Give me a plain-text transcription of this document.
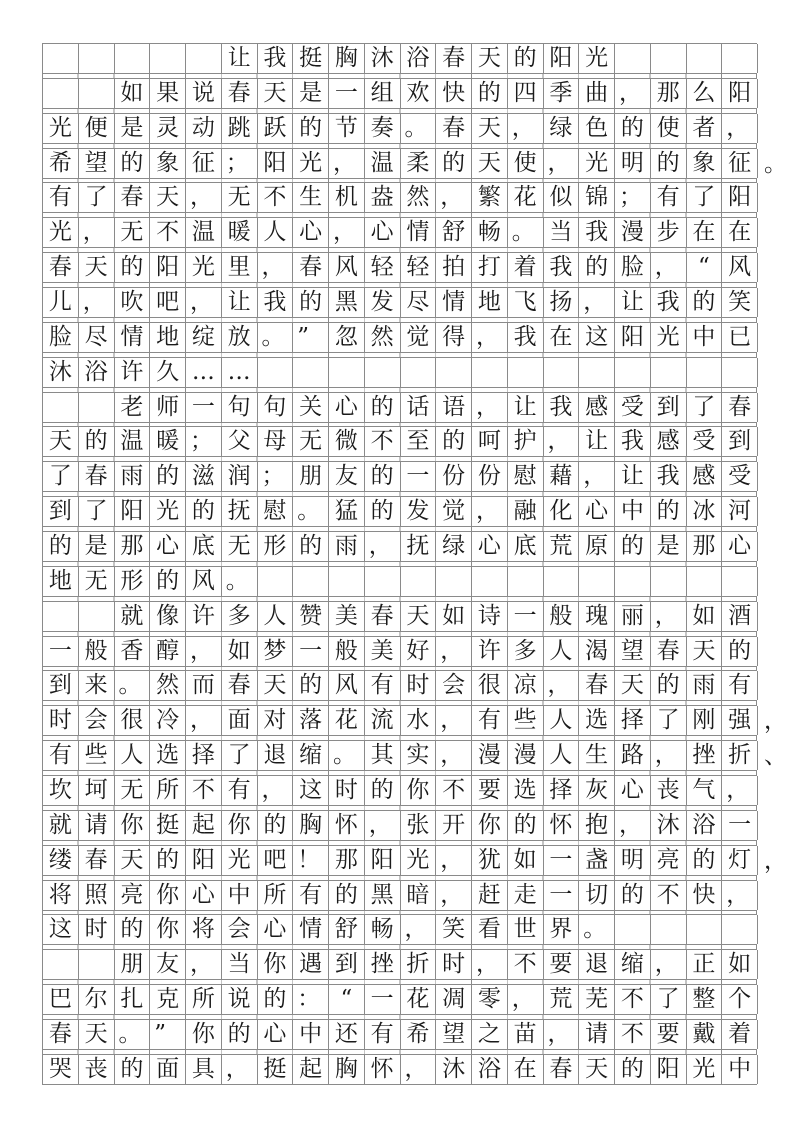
让 我 挺 胸 沐 浴 春 天 的 阳 光
如 果 说 春 天 是 一 组 欢 快 的 四 季 曲 ， 那 么 阳
光 便 是 灵 动 跳 跃 的 节 奏 。 春 天 ， 绿 色 的 使 者 ，
希 望 的 象 征 ； 阳 光 ， 温 柔 的 天 使 ， 光 明 的 象 征 。
有 了 春 天 ， 无 不 生 机 盎 然 ， 繁 花 似 锦 ； 有 了 阳
光 ， 无 不 温 暖 人 心 ， 心 情 舒 畅 。 当 我 漫 步 在 在
春 天 的 阳 光 里 ， 春 风 轻 轻 拍 打 着 我 的 脸 ， “ 风
儿 ， 吹 吧 ， 让 我 的 黑 发 尽 情 地 飞 扬 ， 让 我 的 笑
脸 尽 情 地 绽 放 。 ”	忽 然 觉 得 ， 我 在 这 阳 光 中 已
沐 浴 许 久 … …
老 师 一 句 句 关 心 的 话 语 ， 让 我 感 受 到 了 春
天 的 温 暖 ； 父 母 无 微 不 至 的 呵 护 ， 让 我 感 受 到
了 春 雨 的 滋 润 ； 朋 友 的 一 份 份 慰 藉 ， 让 我 感 受
到 了 阳 光 的 抚 慰 。 猛 的 发 觉 ， 融 化 心 中 的 冰 河
的 是 那 心 底 无 形 的 雨 ， 抚 绿 心 底 荒 原 的 是 那 心
地 无 形 的 风 。
就 像 许 多 人 赞 美 春 天 如 诗 一 般 瑰 丽 ， 如 酒
一 般 香 醇 ， 如 梦 一 般 美 好 ， 许 多 人 渴 望 春 天 的
到 来 。 然 而 春 天 的 风 有 时 会 很 凉 ， 春 天 的 雨 有
时 会 很 冷 ， 面 对 落 花 流 水 ， 有 些 人 选 择 了 刚 强 ，
有 些 人 选 择 了 退 缩 。 其 实 ， 漫 漫 人 生 路 ， 挫 折 、
坎 坷 无 所 不 有 ， 这 时 的 你 不 要 选 择 灰 心 丧 气 ，
就 请 你 挺 起 你 的 胸 怀 ， 张 开 你 的 怀 抱 ， 沐 浴 一
缕 春 天 的 阳 光 吧 ！ 那 阳 光 ， 犹 如 一 盏 明 亮 的 灯 ，
将 照 亮 你 心 中 所 有 的 黑 暗 ， 赶 走 一 切 的 不 快 ，
这 时 的 你 将 会 心 情 舒 畅 ， 笑 看 世 界 。
朋 友 ， 当 你 遇 到 挫 折 时 ， 不 要 退 缩 ， 正 如
巴 尔 扎 克 所 说 的 ： “ 一 花 凋 零 ， 荒 芜 不 了 整 个
春 天 。 ”	你 的 心 中 还 有 希 望 之 苗 ， 请 不 要 戴 着
哭 丧 的 面 具 ， 挺 起 胸 怀 ， 沐 浴 在 春 天 的 阳 光 中
